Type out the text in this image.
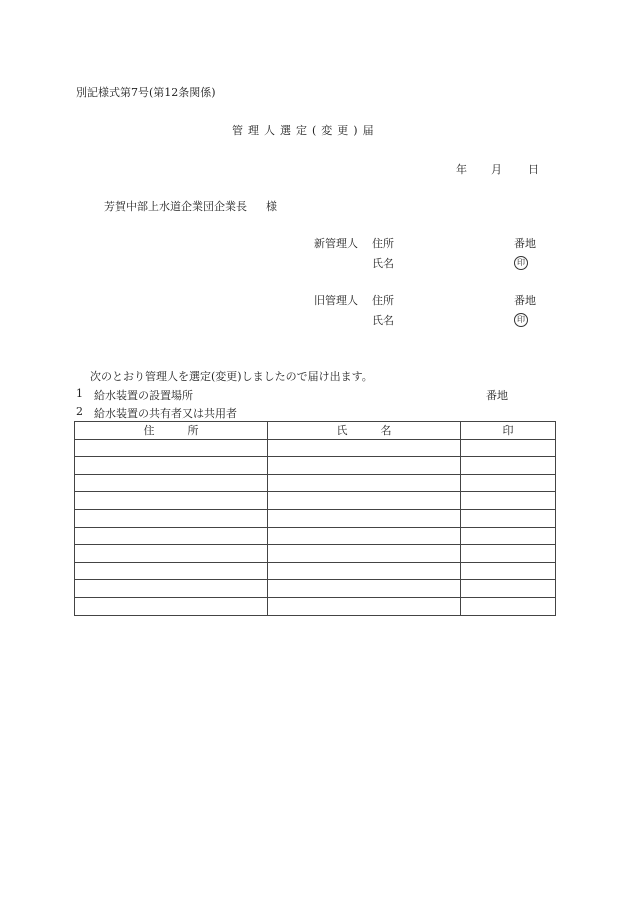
別記様式第7号(第12条関係)
管理人選定(変更)届
年 月 日
芳賀中部上水道企業団企業長 様
新管理人 住所	番地
氏名	印
旧管理人 住所	番地
氏名	印
次のとおり管理人を選定(変更)しましたので届け出ます。
1 給水装置の設置場所	番地
2 給水装置の共有者又は共用者
住　　　所	氏　　　名	印
